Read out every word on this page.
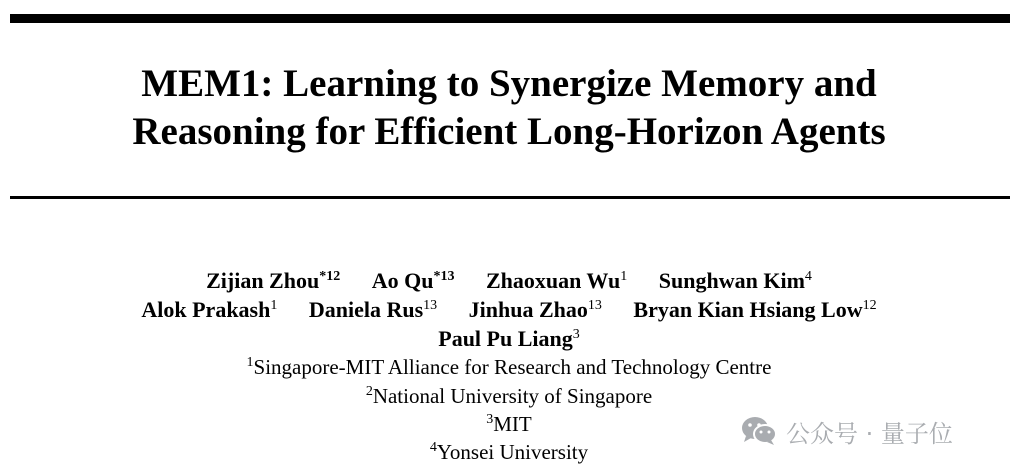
MEM1: Learning to Synergize Memory and
Reasoning for Efficient Long-Horizon Agents
Zijian Zhou$^{*12}$ Ao Qu$^{*13}$ Zhaoxuan Wu$^1$ Sunghwan Kim$^4$
Alok Prakash$^1$ Daniela Rus$^{13}$ Jinhua Zhao$^{13}$ Bryan Kian Hsiang Low$^{12}$
Paul Pu Liang$^3$
$^1$Singapore-MIT Alliance for Research and Technology Centre
$^2$National University of Singapore
$^3$MIT
$^4$Yonsei University
公众号 · 量子位
